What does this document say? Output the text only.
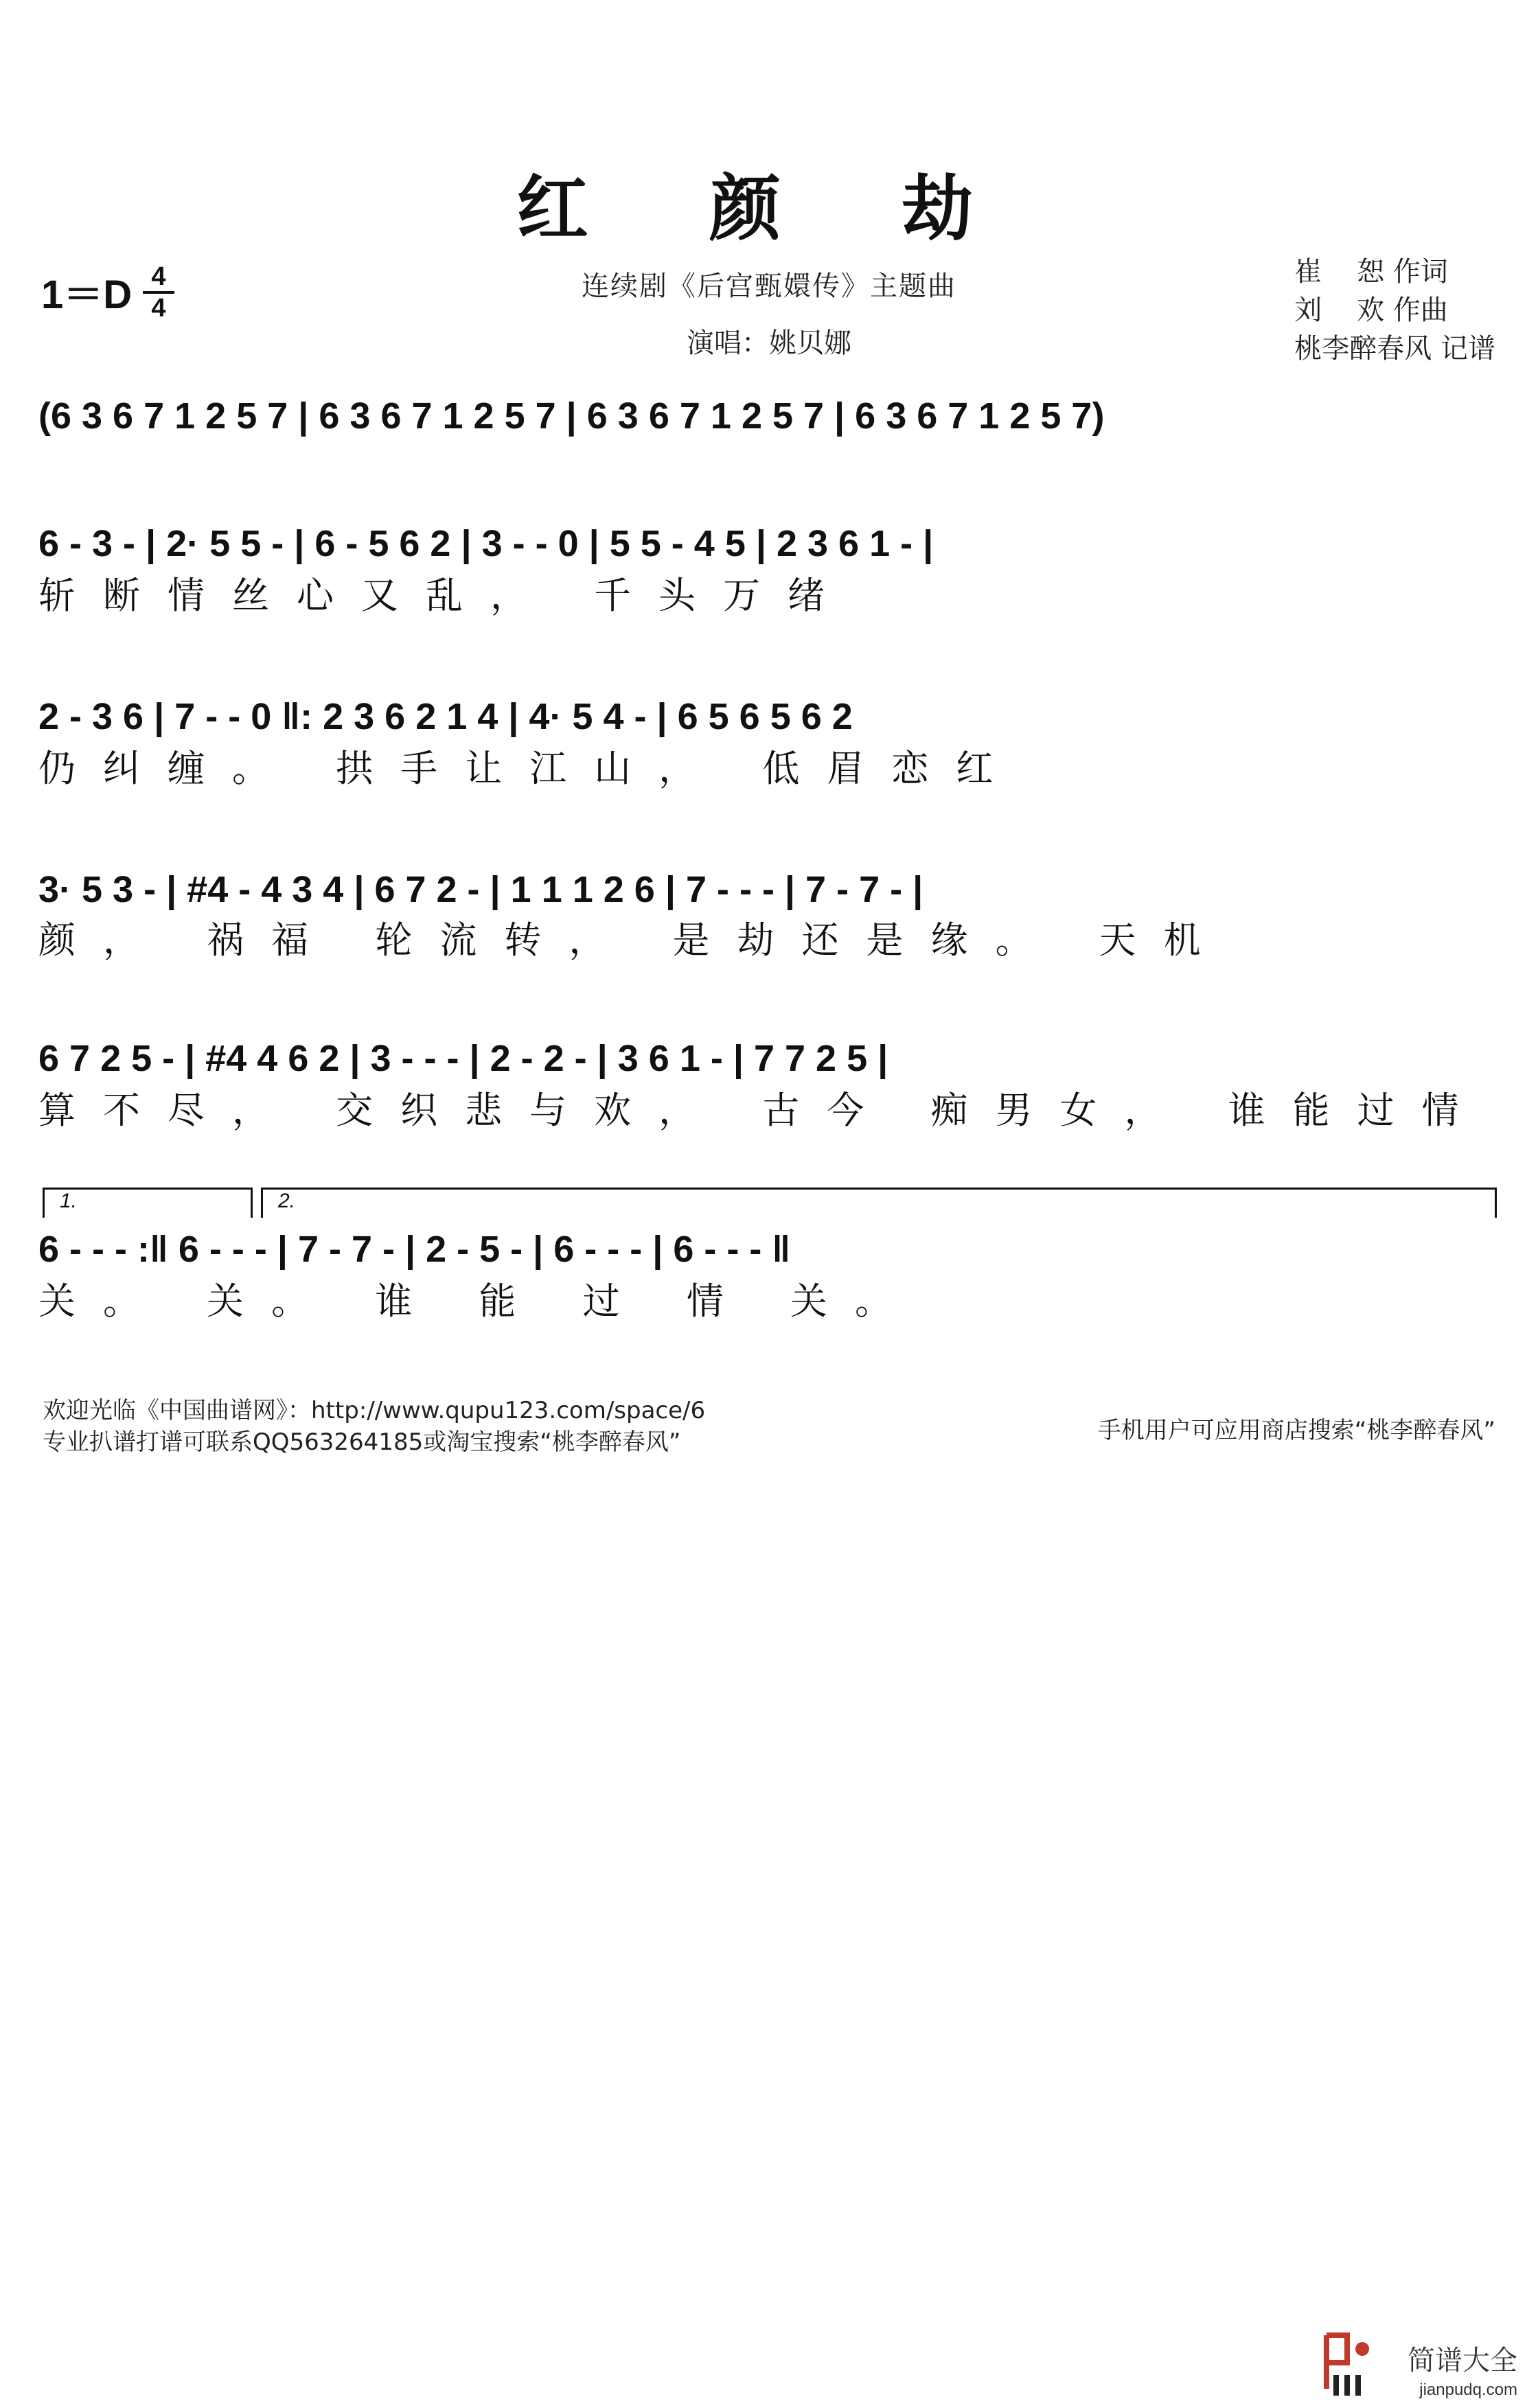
红 颜 劫
1＝D 4
4
连续剧《后宫甄嬛传》主题曲
演唱：姚贝娜
崔    恕 作词
刘    欢 作曲
桃李醉春风 记谱
(6 3 6 7 1 2 5 7 | 6 3 6 7 1 2 5 7 | 6 3 6 7 1 2 5 7 | 6 3 6 7 1 2 5 7)
6 - 3 - | 2· 5 5 - | 6 - 5 6 2 | 3 - - 0 | 5 5 - 4 5 | 2 3 6 1 - |
斩断情丝心又乱， 千头万绪
2 - 3 6 | 7 - - 0 ‖: 2 3 6 2 1 4 | 4· 5 4 - | 6 5 6 5 6 2
仍纠缠。 拱手让江山， 低眉恋红
3· 5 3 - | #4 - 4 3 4 | 6 7 2 - | 1 1 1 2 6 | 7 - - - | 7 - 7 - |
颜， 祸福 轮流转， 是劫还是缘。 天机
6 7 2 5 - | #4 4 6 2 | 3 - - - | 2 - 2 - | 3 6 1 - | 7 7 2 5 |
算不尽， 交织悲与欢， 古今 痴男女， 谁能过情
1.	2.
6 - - - :‖ 6 - - - | 7 - 7 - | 2 - 5 - | 6 - - - | 6 - - - ‖
关。 关。 谁 能 过 情 关。
欢迎光临《中国曲谱网》：http://www.qupu123.com/space/6
专业扒谱打谱可联系QQ563264185或淘宝搜索“桃李醉春风”	手机用户可应用商店搜索“桃李醉春风”
简谱大全
jianpudq.com
